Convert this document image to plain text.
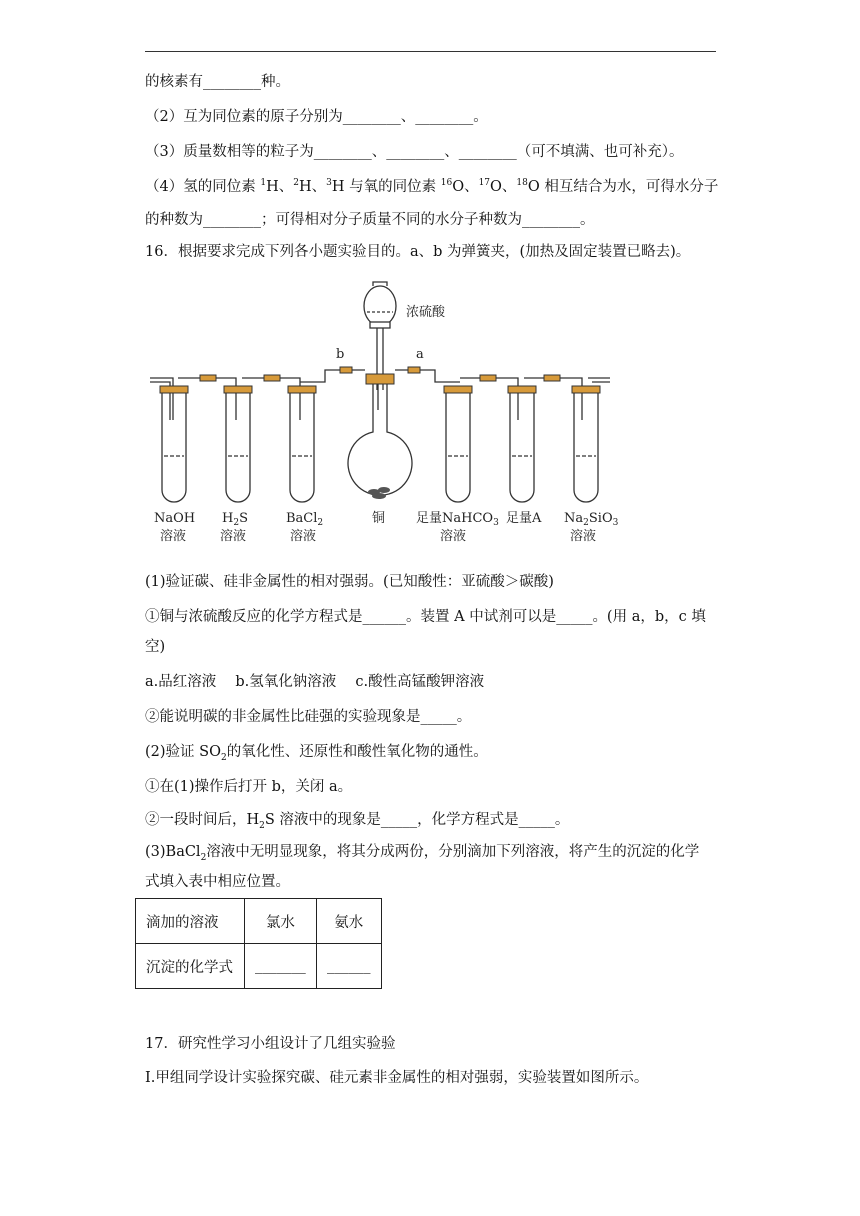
的核素有________种。
（2）互为同位素的原子分别为________、________。
（3）质量数相等的粒子为________、________、________（可不填满、也可补充）。
（4）氢的同位素 $^1$H、$^2$H、$^3$H 与氧的同位素 $^{16}$O、$^{17}$O、$^{18}$O 相互结合为水，可得水分子
的种数为________；可得相对分子质量不同的水分子种数为________。
16．根据要求完成下列各小题实验目的。a、b 为弹簧夹，(加热及固定装置已略去)。
浓硫酸
b	a
NaOH
溶液
$H_2S$
溶液
BaCl$_2$
溶液
铜 足量NaHCO$_3$
溶液
足量A $Na_2SiO_3$
溶液
(1)验证碳、硅非金属性的相对强弱。(已知酸性：亚硫酸＞碳酸)
①铜与浓硫酸反应的化学方程式是______。装置 A 中试剂可以是_____。(用 a，b，c 填
空)
a.品红溶液　 b.氢氧化钠溶液　 c.酸性高锰酸钾溶液
②能说明碳的非金属性比硅强的实验现象是_____。
(2)验证 $SO_2$的氧化性、还原性和酸性氧化物的通性。
①在(1)操作后打开 b，关闭 a。
②一段时间后，$H_2S$ 溶液中的现象是_____，化学方程式是_____。
(3)BaCl$_2$溶液中无明显现象，将其分成两份，分别滴加下列溶液，将产生的沉淀的化学
式填入表中相应位置。
滴加的溶液	氯水	氨水
沉淀的化学式	_______	______
17．研究性学习小组设计了几组实验验
I.甲组同学设计实验探究碳、硅元素非金属性的相对强弱，实验装置如图所示。
